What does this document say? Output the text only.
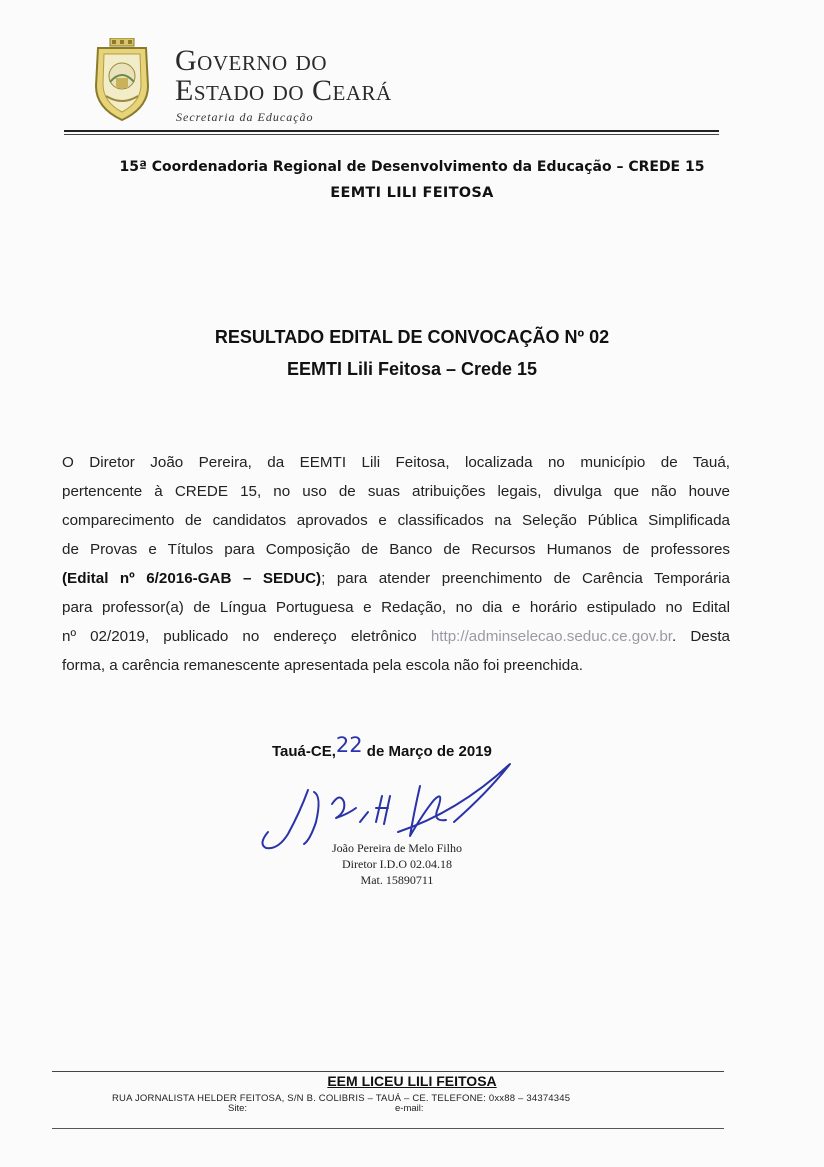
Governo do
Estado do Ceará
Secretaria da Educação
15ª Coordenadoria Regional de Desenvolvimento da Educação – CREDE 15
EEMTI LILI FEITOSA
RESULTADO EDITAL DE CONVOCAÇÃO Nº 02
EEMTI Lili Feitosa – Crede 15
O Diretor João Pereira, da EEMTI Lili Feitosa, localizada no município de Tauá,
pertencente à CREDE 15, no uso de suas atribuições legais, divulga que não houve
comparecimento de candidatos aprovados e classificados na Seleção Pública Simplificada
de Provas e Títulos para Composição de Banco de Recursos Humanos de professores
(Edital nº 6/2016-GAB – SEDUC); para atender preenchimento de Carência Temporária
para professor(a) de Língua Portuguesa e Redação, no dia e horário estipulado no Edital
nº 02/2019, publicado no endereço eletrônico http://adminselecao.seduc.ce.gov.br. Desta
forma, a carência remanescente apresentada pela escola não foi preenchida.
Tauá-CE,22 de Março de 2019
João Pereira de Melo Filho
Diretor I.D.O 02.04.18
Mat. 15890711
EEM LICEU LILI FEITOSA
RUA JORNALISTA HELDER FEITOSA, S/N B. COLIBRIS – TAUÁ – CE. TELEFONE: 0xx88 – 34374345
Site:	e-mail:
